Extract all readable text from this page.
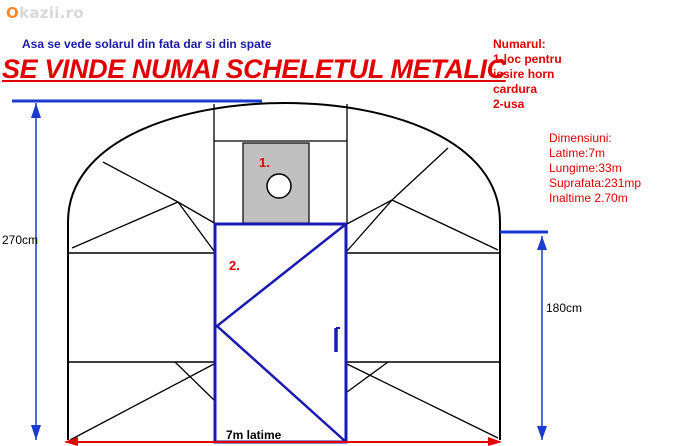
Okazii.ro
Asa se vede solarul din fata dar si din spate
SE VINDE NUMAI SCHELETUL METALIC
Numarul:
1-loc pentru
iesire horn
cardura
2-usa
Dimensiuni:
Latime:7m
Lungime:33m
Suprafata:231mp
Inaltime 2.70m
270cm
180cm
7m latime
1.
2.
